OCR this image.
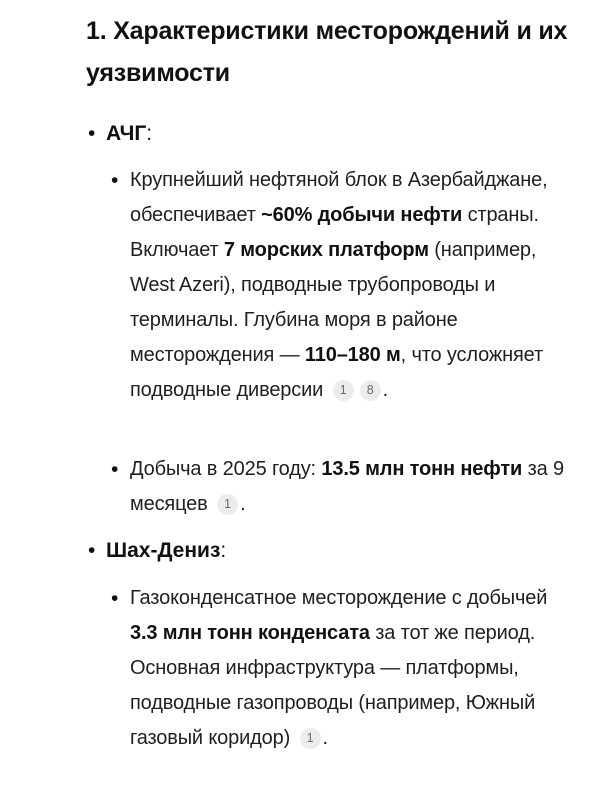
1. Характеристики месторождений и их уязвимости
• АЧГ:
• Крупнейший нефтяной блок в Азербайджане, обеспечивает ~60% добычи нефти страны. Включает 7 морских платформ (например, West Azeri), подводные трубопроводы и терминалы. Глубина моря в районе месторождения — 110–180 м, что усложняет подводные диверсии 1 8 .

• Добыча в 2025 году: 13.5 млн тонн нефти за 9 месяцев 1 .

• Шах-Дениз:
• Газоконденсатное месторождение с добычей 3.3 млн тонн конденсата за тот же период. Основная инфраструктура — платформы, подводные газопроводы (например, Южный газовый коридор) 1 .
